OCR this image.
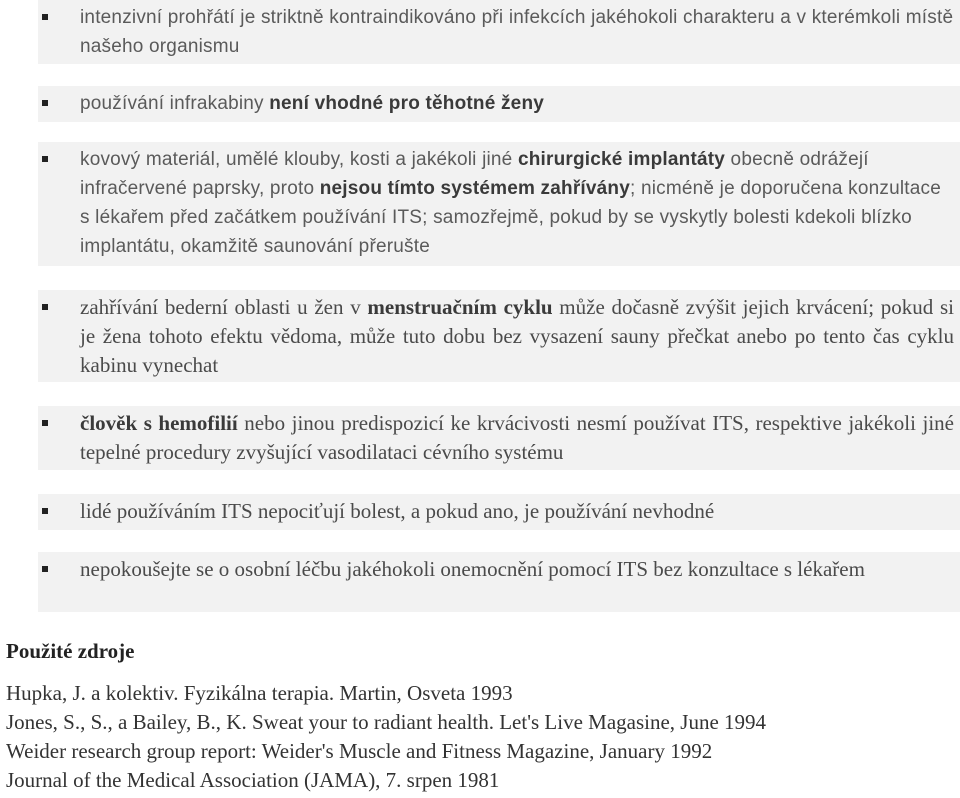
intenzivní prohřátí je striktně kontraindikováno při infekcích jakéhokoli charakteru a v kterémkoli místě našeho organismu
používání infrakabiny není vhodné pro těhotné ženy
kovový materiál, umělé klouby, kosti a jakékoli jiné chirurgické implantáty obecně odrážejí infračervené paprsky, proto nejsou tímto systémem zahřívány; nicméně je doporučena konzultace s lékařem před začátkem používání ITS; samozřejmě, pokud by se vyskytly bolesti kdekoli blízko implantátu, okamžitě saunování přerušte
zahřívání bederní oblasti u žen v menstruačním cyklu může dočasně zvýšit jejich krvácení; pokud si je žena tohoto efektu vědoma, může tuto dobu bez vysazení sauny přečkat anebo po tento čas cyklu kabinu vynechat
člověk s hemofilií nebo jinou predispozicí ke krvácivosti nesmí používat ITS, respektive jakékoli jiné tepelné procedury zvyšující vasodilataci cévního systému
lidé používáním ITS nepociťují bolest, a pokud ano, je používání nevhodné
nepokoušejte se o osobní léčbu jakéhokoli onemocnění pomocí ITS bez konzultace s lékařem
Použité zdroje
Hupka, J. a kolektiv. Fyzikálna terapia. Martin, Osveta 1993
Jones, S., S., a Bailey, B., K. Sweat your to radiant health. Let's Live Magasine, June 1994
Weider research group report: Weider's Muscle and Fitness Magazine, January 1992
Journal of the Medical Association (JAMA), 7. srpen 1981
